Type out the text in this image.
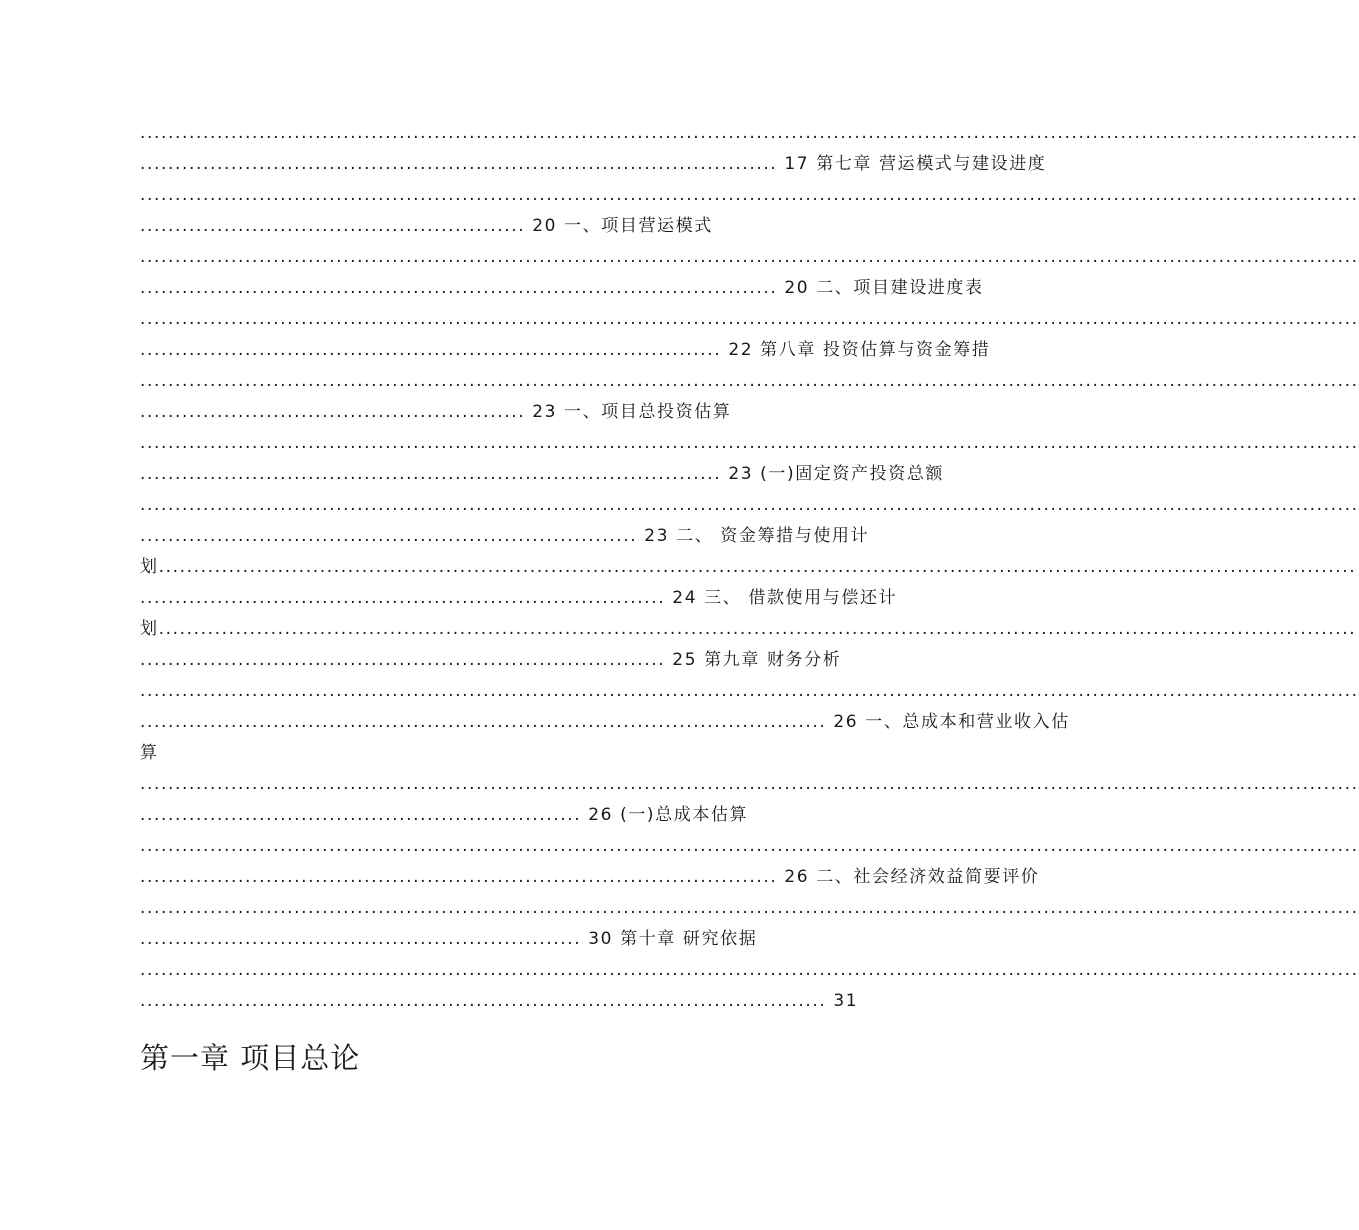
..............................................................................................................................................................................
........................................................................................... 17 第七章 营运模式与建设进度
..............................................................................................................................................................................
....................................................... 20 一、项目营运模式
..............................................................................................................................................................................
........................................................................................... 20 二、项目建设进度表
..............................................................................................................................................................................
................................................................................... 22 第八章 投资估算与资金筹措
..............................................................................................................................................................................
....................................................... 23 一、项目总投资估算
..............................................................................................................................................................................
................................................................................... 23 (一)固定资产投资总额
..............................................................................................................................................................................
....................................................................... 23 二、 资金筹措与使用计
划...........................................................................................................................................................................
........................................................................... 24 三、 借款使用与偿还计
划...........................................................................................................................................................................
........................................................................... 25 第九章 财务分析
..............................................................................................................................................................................
.................................................................................................. 26 一、总成本和营业收入估
算
..............................................................................................................................................................................
............................................................... 26 (一)总成本估算
..............................................................................................................................................................................
........................................................................................... 26 二、社会经济效益简要评价
..............................................................................................................................................................................
............................................................... 30 第十章 研究依据
..............................................................................................................................................................................
.................................................................................................. 31
第一章 项目总论
